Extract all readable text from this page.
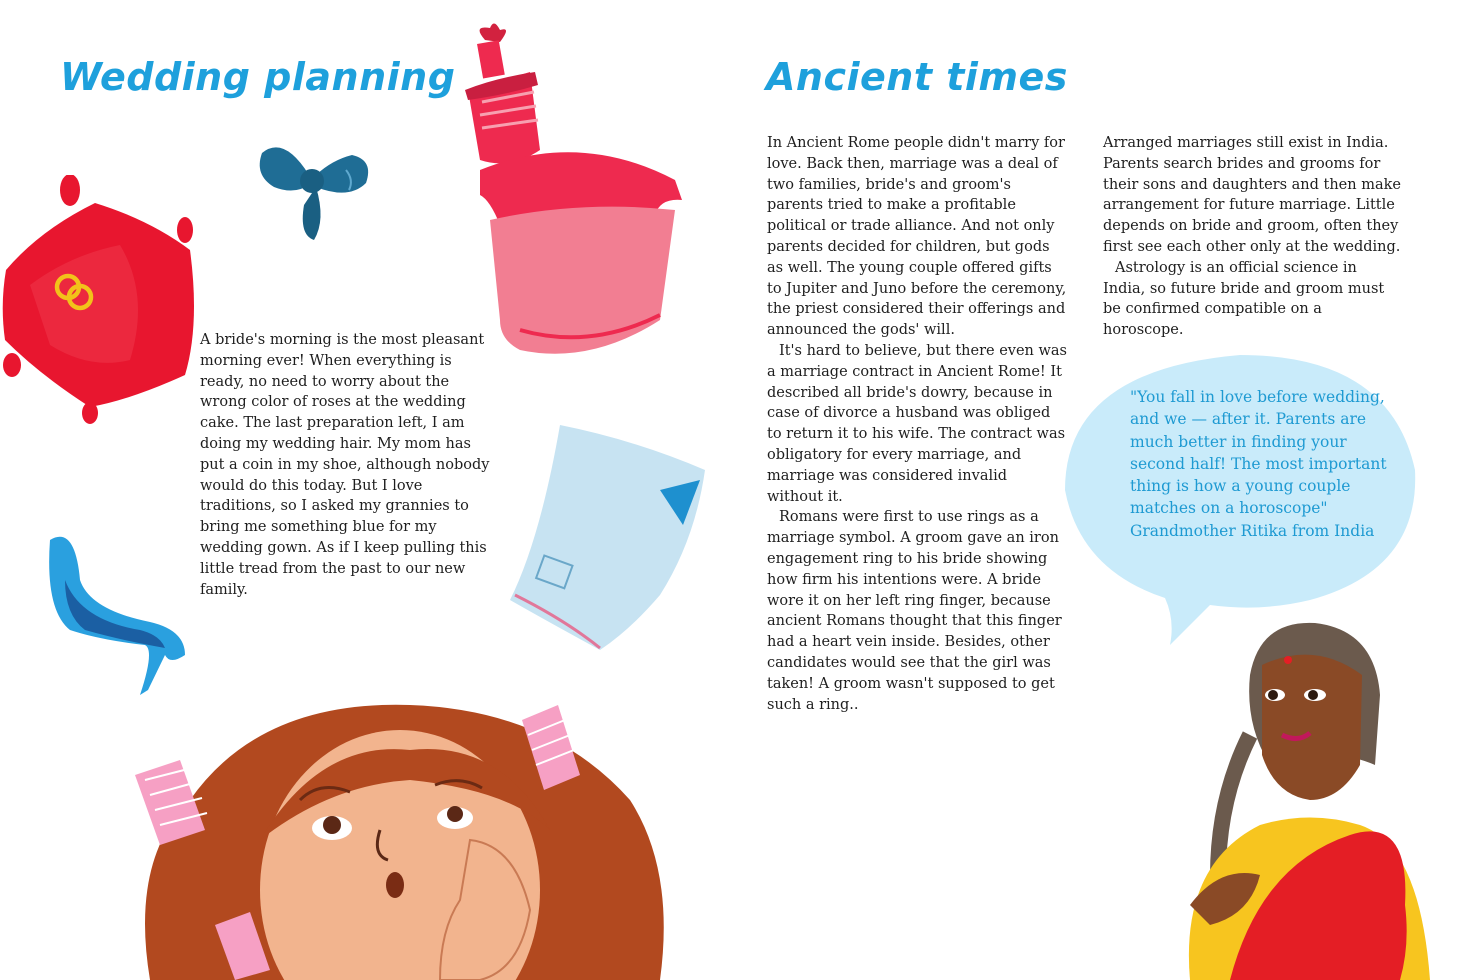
Wedding planning

A bride's morning is the most pleasant morning ever! When everything is ready, no need to worry about the wrong color of roses at the wedding cake. The last preparation left, I am doing my wedding hair. My mom has put a coin in my shoe, although nobody would do this today. But I love traditions, so I asked my grannies to bring me something blue for my wedding gown. As if I keep pulling this little tread from the past to our new family.

Ancient times

In Ancient Rome people didn't marry for love. Back then, marriage was a deal of two families, bride's and groom's parents tried to make a profitable political or trade alliance. And not only parents decided for children, but gods as well. The young couple offered gifts to Jupiter and Juno before the ceremony, the priest considered their offerings and announced the gods' will.

It's hard to believe, but there even was a marriage contract in Ancient Rome! It described all bride's dowry, because in case of divorce a husband was obliged to return it to his wife. The contract was obligatory for every marriage, and marriage was considered invalid without it.

Romans were first to use rings as a marriage symbol. A groom gave an iron engagement ring to his bride showing how firm his intentions were. A bride wore it on her left ring finger, because ancient Romans thought that this finger had a heart vein inside. Besides, other candidates would see that the girl was taken! A groom wasn't supposed to get such a ring..

Arranged marriages still exist in India. Parents search brides and grooms for their sons and daughters and then make arrangement for future marriage. Little depends on bride and groom, often they first see each other only at the wedding.

Astrology is an official science in India, so future bride and groom must be confirmed compatible on a horoscope.

"You fall in love before wedding, and we — after it. Parents are much better in finding your second half! The most important thing is how a young couple matches on a horoscope" Grandmother Ritika from India
